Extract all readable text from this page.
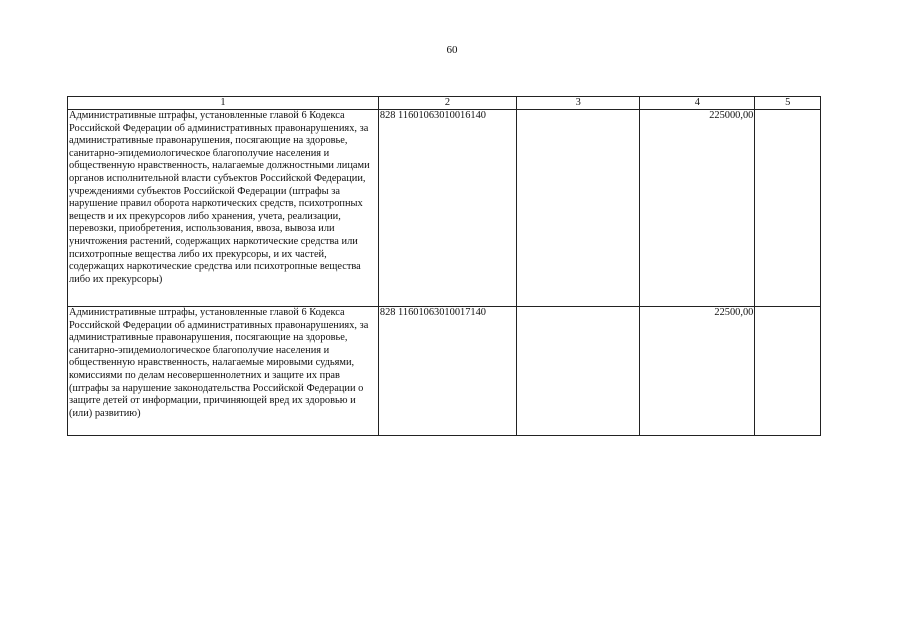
60
1	2	3	4	5
Административные штрафы, установленные главой 6 Кодекса Российской Федерации об административных правонарушениях, за административные правонарушения, посягающие на здоровье, санитарно-эпидемиологическое благополучие населения и общественную нравственность, налагаемые должностными лицами органов исполнительной власти субъектов Российской Федерации, учреждениями субъектов Российской Федерации (штрафы за нарушение правил оборота наркотических средств, психотропных веществ и их прекурсоров либо хранения, учета, реализации, перевозки, приобретения, использования, ввоза, вывоза или уничтожения растений, содержащих наркотические средства или психотропные вещества либо их прекурсоры, и их частей, содержащих наркотические средства или психотропные вещества либо их прекурсоры)	828 11601063010016140		225000,00	
Административные штрафы, установленные главой 6 Кодекса Российской Федерации об административных правонарушениях, за административные правонарушения, посягающие на здоровье, санитарно-эпидемиологическое благополучие населения и общественную нравственность, налагаемые мировыми судьями, комиссиями по делам несовершеннолетних и защите их прав (штрафы за нарушение законодательства Российской Федерации о защите детей от информации, причиняющей вред их здоровью и (или) развитию)	828 11601063010017140		22500,00	
